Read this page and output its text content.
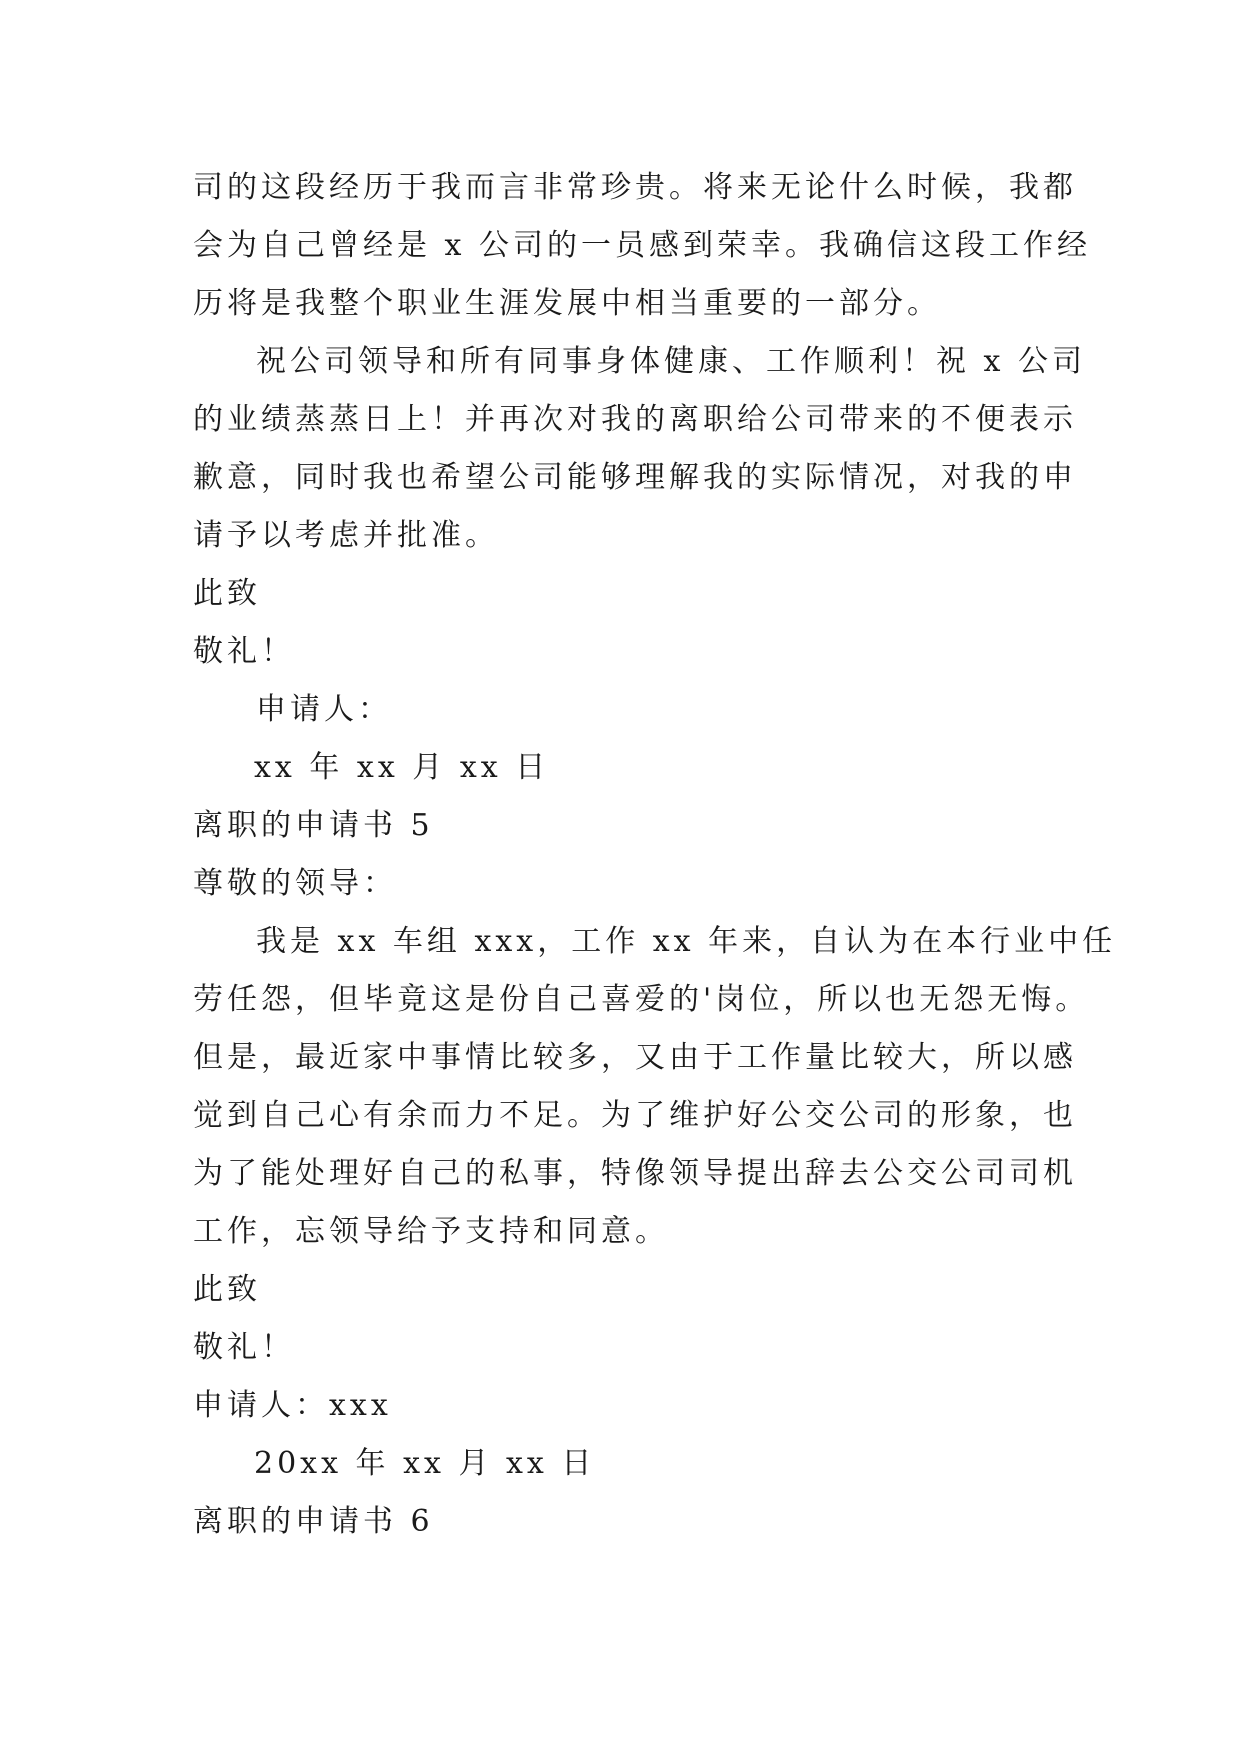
司的这段经历于我而言非常珍贵。将来无论什么时候，我都
会为自己曾经是 x 公司的一员感到荣幸。我确信这段工作经
历将是我整个职业生涯发展中相当重要的一部分。
祝公司领导和所有同事身体健康、工作顺利！祝 x 公司
的业绩蒸蒸日上！并再次对我的离职给公司带来的不便表示
歉意，同时我也希望公司能够理解我的实际情况，对我的申
请予以考虑并批准。
此致
敬礼！
申请人：
xx 年 xx 月 xx 日
离职的申请书 5
尊敬的领导：
我是 xx 车组 xxx，工作 xx 年来，自认为在本行业中任
劳任怨，但毕竟这是份自己喜爱的'岗位，所以也无怨无悔。
但是，最近家中事情比较多，又由于工作量比较大，所以感
觉到自己心有余而力不足。为了维护好公交公司的形象，也
为了能处理好自己的私事，特像领导提出辞去公交公司司机
工作，忘领导给予支持和同意。
此致
敬礼！
申请人：xxx
20xx 年 xx 月 xx 日
离职的申请书 6
